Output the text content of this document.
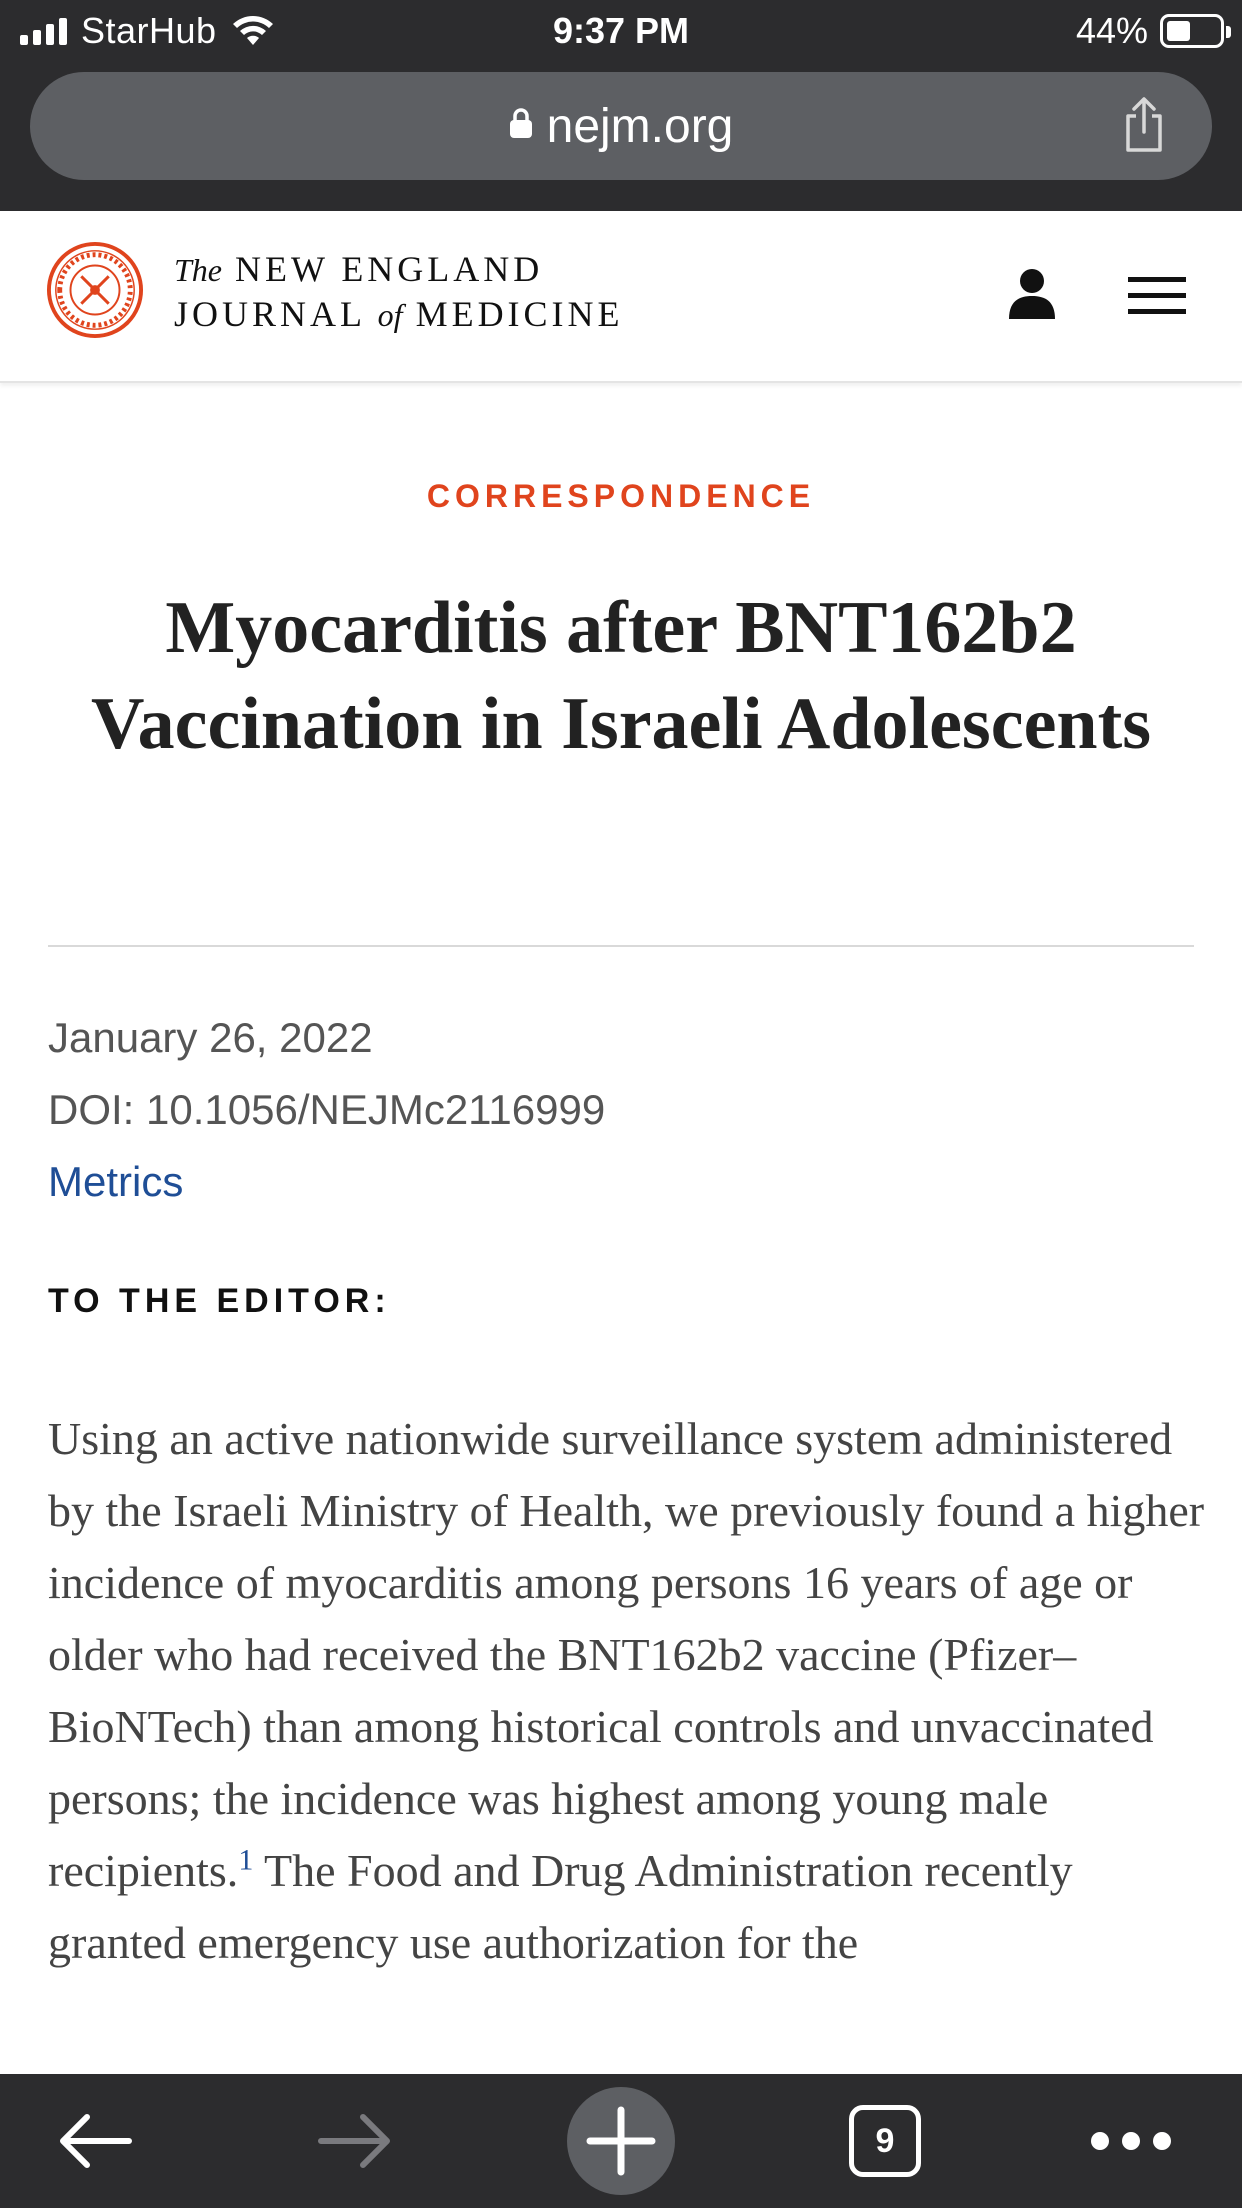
StarHub	9:37 PM	44%
nejm.org
The NEW ENGLAND
JOURNAL of MEDICINE
CORRESPONDENCE
Myocarditis after BNT162b2 Vaccination in Israeli Adolescents
January 26, 2022
DOI: 10.1056/NEJMc2116999
Metrics
TO THE EDITOR:

Using an active nationwide surveillance system administered by the Israeli Ministry of Health, we previously found a higher incidence of myocarditis among persons 16 years of age or older who had received the BNT162b2 vaccine (Pfizer–BioNTech) than among historical controls and unvaccinated persons; the incidence was highest among young male recipients.$^1$ The Food and Drug Administration recently granted emergency use authorization for the

9
